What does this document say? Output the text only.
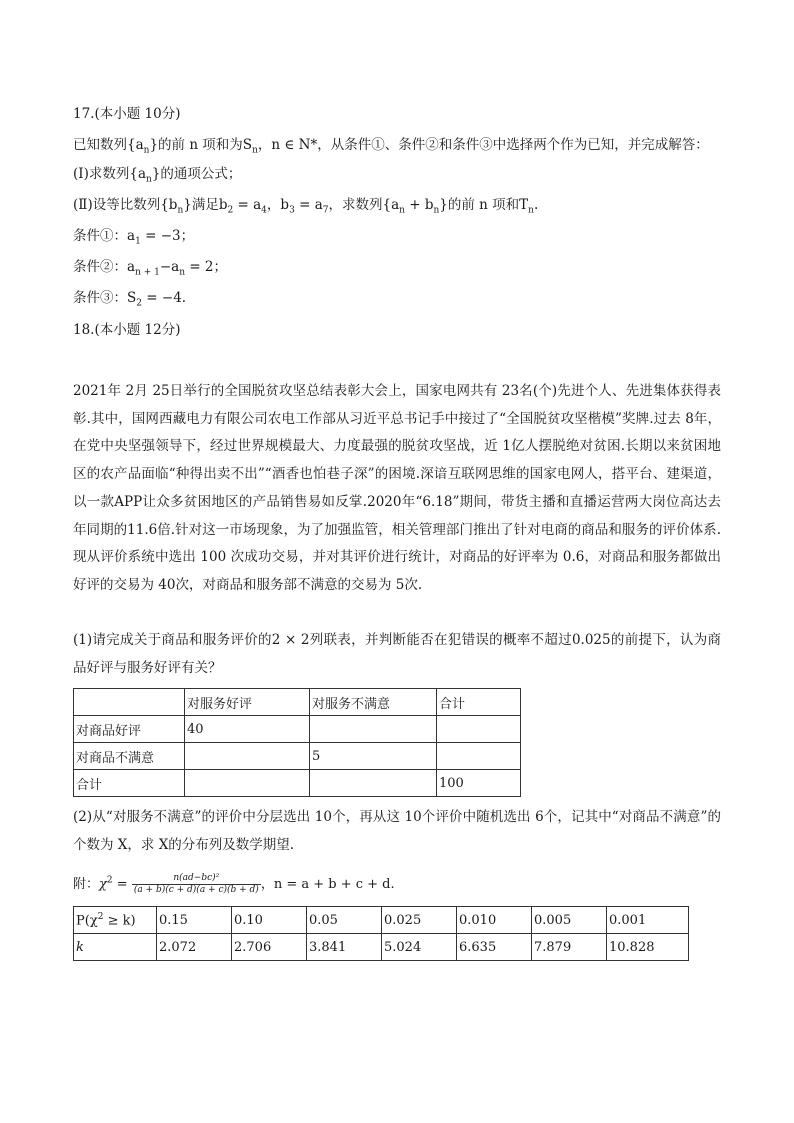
17.(本小题 10分)
已知数列$\{a_n\}$的前 n 项和为$S_n$，n ∈ N*，从条件①、条件②和条件③中选择两个作为已知，并完成解答：
(Ⅰ)求数列$\{a_n\}$的通项公式；
(Ⅱ)设等比数列$\{b_n\}$满足$b_2 = a_4$，$b_3 = a_7$，求数列$\{a_n + b_n\}$的前 n 项和$T_n$.
条件①：$a_1 = -3$；
条件②：$a_{n + 1}-a_n = 2$；
条件③：$S_2 = -4$.
18.(本小题 12分)
2021年 2月 25日举行的全国脱贫攻坚总结表彰大会上，国家电网共有 23名(个)先进个人、先进集体获得表彰.其中，国网西藏电力有限公司农电工作部从习近平总书记手中接过了“全国脱贫攻坚楷模”奖牌.过去 8年，在党中央坚强领导下，经过世界规模最大、力度最强的脱贫攻坚战，近 1亿人摆脱绝对贫困.长期以来贫困地区的农产品面临“种得出卖不出”“酒香也怕巷子深”的困境.深谙互联网思维的国家电网人，搭平台、建渠道，以一款APP让众多贫困地区的产品销售易如反掌.2020年“6.18”期间，带货主播和直播运营两大岗位高达去年同期的11.6倍.针对这一市场现象，为了加强监管，相关管理部门推出了针对电商的商品和服务的评价体系.现从评价系统中选出 100 次成功交易，并对其评价进行统计，对商品的好评率为 0.6，对商品和服务都做出好评的交易为 40次，对商品和服务部不满意的交易为 5次.
(1)请完成关于商品和服务评价的2 × 2列联表，并判断能否在犯错误的概率不超过0.025的前提下，认为商品好评与服务好评有关？
	对服务好评	对服务不满意	合计
对商品好评	40		
对商品不满意		5	
合计			100
(2)从“对服务不满意”的评价中分层选出 10个，再从这 10个评价中随机选出 6个，记其中“对商品不满意”的个数为 X，求 X的分布列及数学期望.
附：$\chi^2 = \frac{\text{n(ad−bc)²}}{(a + b)(c + d)(a + c)(b + d)}$ ，n = a + b + c + d.
$P(\chi^2 \ge k)$	0.15	0.10	0.05	0.025	0.010	0.005	0.001
k	2.072	2.706	3.841	5.024	6.635	7.879	10.828
